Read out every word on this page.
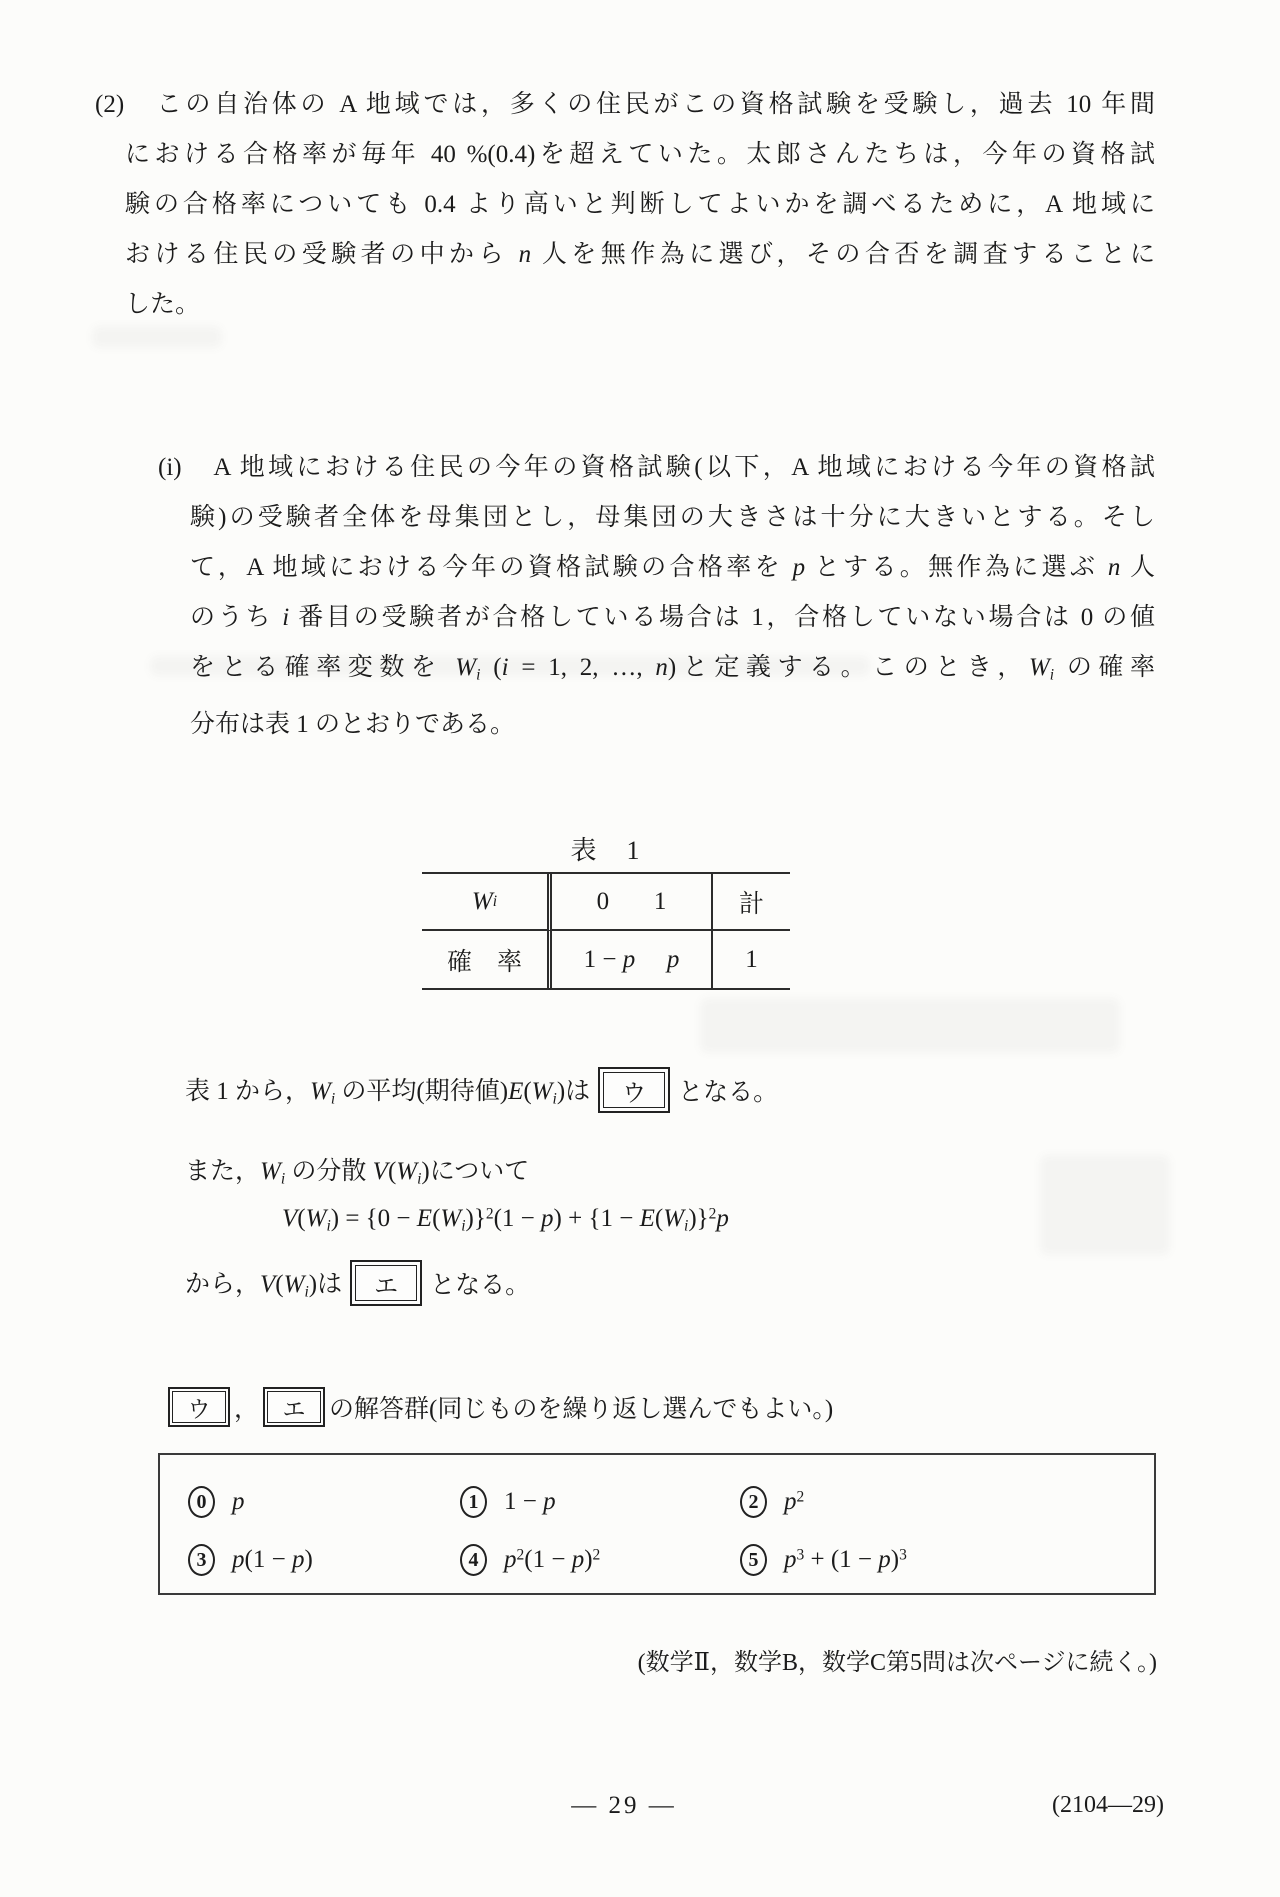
(2)　この自治体の A 地域では，多くの住民がこの資格試験を受験し，過去 10 年間
における合格率が毎年 40 %(0.4)を超えていた。太郎さんたちは，今年の資格試
験の合格率についても 0.4 より高いと判断してよいかを調べるために，A 地域に
おける住民の受験者の中から n 人を無作為に選び，その合否を調査することに
した。
(i)　A 地域における住民の今年の資格試験(以下，A 地域における今年の資格試
験)の受験者全体を母集団とし，母集団の大きさは十分に大きいとする。そし
て，A 地域における今年の資格試験の合格率を p とする。無作為に選ぶ n 人
のうち i 番目の受験者が合格している場合は 1，合格していない場合は 0 の値
をとる確率変数を $W_i$ (i = 1, 2, …, n)と定義する。このとき，$W_i$ の確率
分布は表 1 のとおりである。
表　1
W i	0 1	計
確　率	1 − p p	1
表 1 から，$W_i$ の平均(期待値)$E(W_i)$は	ウ	となる。
また，$W_i$ の分散 $V(W_i)$について
$V(W_i) = \{0 - E(W_i)\}^2(1 - p) + \{1 - E(W_i)\}^2p$
から，$V(W_i)$は	エ	となる。
ウ ，	エ の解答群(同じものを繰り返し選んでもよい。)
0	p	1	1 − p	2	$p^2$
3	p(1 − p)	4	$p^2(1 - p)^2$	5	$p^3 + (1 - p)^3$
(数学Ⅱ，数学B，数学C第5問は次ページに続く。)
— 29 —	(2104—29)
